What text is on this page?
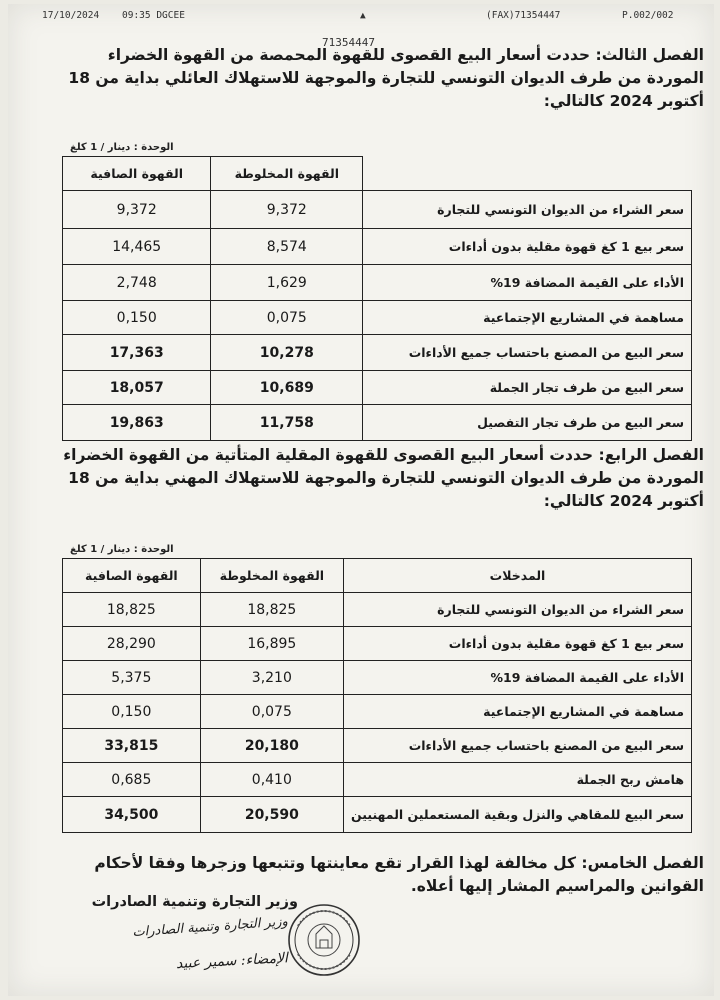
17/10/2024 09:35 DGCEE	▲	(FAX)71354447	P.002/002
71354447
الفصل الثالث: حددت أسعار البيع القصوى للقهوة المحمصة من القهوة الخضراء الموردة من طرف الديوان التونسي للتجارة والموجهة للاستهلاك العائلي بداية من 18 أكتوبر 2024 كالتالي:
الوحدة : دينار / 1 كلغ
	القهوة المخلوطة	القهوة الصافية
سعر الشراء من الديوان التونسي للتجارة	9,372	9,372
سعر بيع 1 كغ قهوة مقلية بدون أداءات	8,574	14,465
الأداء على القيمة المضافة 19%	1,629	2,748
مساهمة في المشاريع الإجتماعية	0,075	0,150
سعر البيع من المصنع باحتساب جميع الأداءات	10,278	17,363
سعر البيع من طرف تجار الجملة	10,689	18,057
سعر البيع من طرف تجار التفصيل	11,758	19,863
الفصل الرابع: حددت أسعار البيع القصوى للقهوة المقلية المتأتية من القهوة الخضراء الموردة من طرف الديوان التونسي للتجارة والموجهة للاستهلاك المهني بداية من 18 أكتوبر 2024 كالتالي:
الوحدة : دينار / 1 كلغ
المدخلات	القهوة المخلوطة	القهوة الصافية
سعر الشراء من الديوان التونسي للتجارة	18,825	18,825
سعر بيع 1 كغ قهوة مقلية بدون أداءات	16,895	28,290
الأداء على القيمة المضافة 19%	3,210	5,375
مساهمة في المشاريع الإجتماعية	0,075	0,150
سعر البيع من المصنع باحتساب جميع الأداءات	20,180	33,815
هامش ربح الجملة	0,410	0,685
سعر البيع للمقاهي والنزل وبقية المستعملين المهنيين	20,590	34,500
الفصل الخامس: كل مخالفة لهذا القرار تقع معاينتها وتتبعها وزجرها وفقا لأحكام القوانين والمراسيم المشار إليها أعلاه.
وزير التجارة وتنمية الصادرات
وزير التجارة وتنمية الصادرات
الإمضاء: سمير عبيد
